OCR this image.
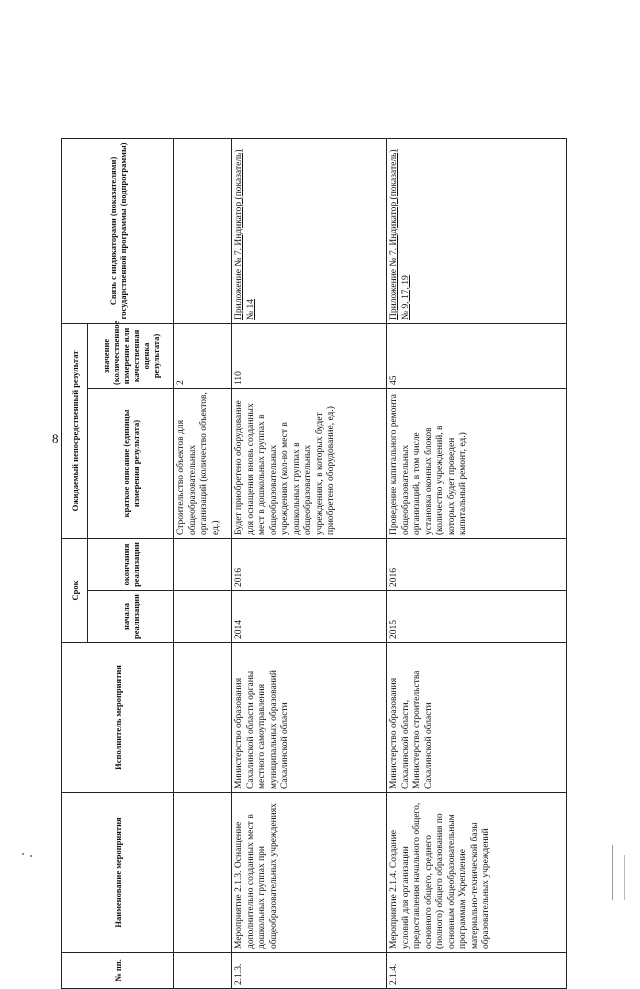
8
№ пп.	Наименование мероприятия	Исполнитель мероприятия	Срок		Ожидаемый непосредственный результат		Связь с индикаторами (показателями) государственной программы (подпрограммы)
			начала реализации	окончания реализации	краткое описание (единицы измерения результата)	значение (количественное измерение или качественная оценка результата)	
					Строительство объектов для общеобразовательных организаций (количество объектов, ед.)	2	
2.1.3.	Мероприятие 2.1.3. Оснащение дополнительно созданных мест в дошкольных группах при общеобразовательных учреждениях	Министерство образования Сахалинской области органы местного самоуправления муниципальных образований Сахалинской области	2014	2016	Будет приобретено оборудование для оснащения вновь созданных мест в дошкольных группах в общеобразовательных учреждениях (кол-во мест в дошкольных группах в общеобразовательных учреждениях, в которых будет приобретено оборудование, ед.)	110	Приложение № 7. Индикатор (показатель) № 14
2.1.4.	Мероприятие 2.1.4. Создание условий для организации предоставления начального общего, основного общего, среднего (полного) общего образования по основным общеобразовательным программам Укрепление материально-технической базы образовательных учреждений	Министерство образования Сахалинской области, Министерство строительства Сахалинской области	2015	2016	Проведение капитального ремонта общеобразовательных организаций, в том числе установка оконных блоков (количество учреждений, в которых будет проведен капитальный ремонт, ед.)	45	Приложение № 7. Индикатор (показатель) № 9, 17, 19
